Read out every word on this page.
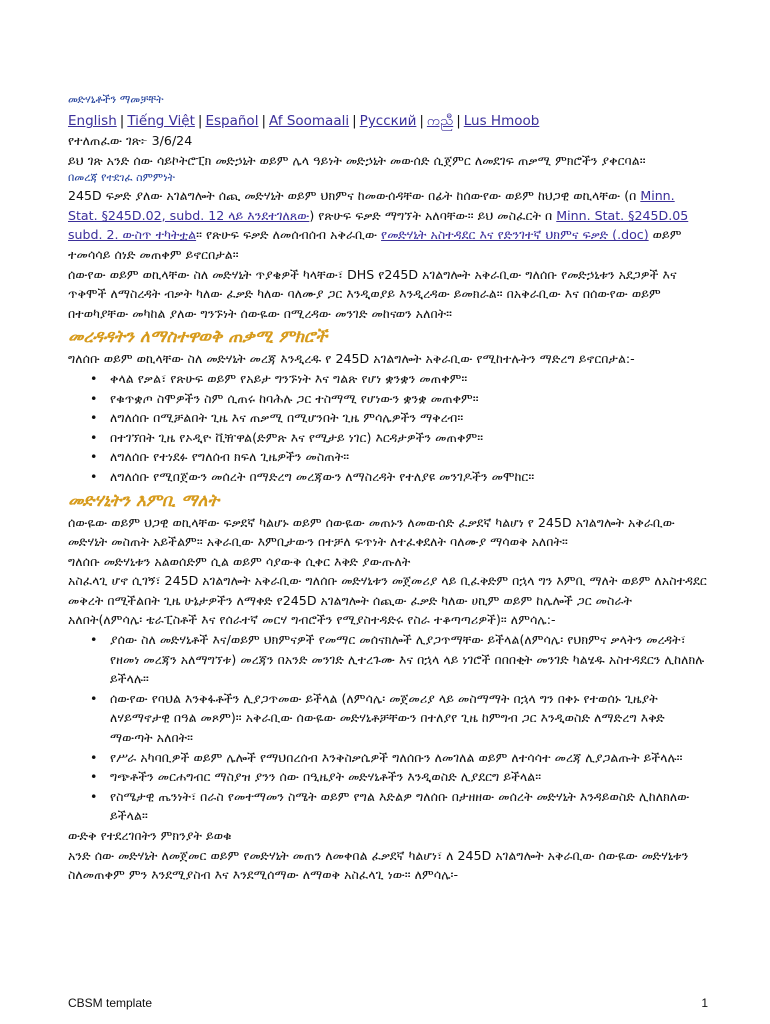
መድሃኒቶችን ማመቻቸት
English | Tiếng Việt | Español | Af Soomaali | Русский | ကညီ | Lus Hmoob

የተለጠፈው ገጽ፦ 3/6/24

ይህ ገጽ አንድ ሰው ሳይኮትሮፒክ መድኃኒት ወይም ሌላ ዓይነት መድኃኒት መውሰድ ሲጀምር ለመደገፍ ጠቃሚ ምክሮችን ያቀርባል።

በመረጃ የተደገፈ ስምምነት

245D ፍቃድ ያለው አገልግሎት ሰጪ መድሃኒት ወይም ህክምና ከመውሰዳቸው በፊት ከሰውየው ወይም ከህጋዊ ወኪላቸው (በ Minn. Stat. §245D.02, subd. 12 ላይ እንደተገለጸው) የጽሁፍ ፍቃድ ማግኘት አለባቸው። ይህ መስፈርት በ Minn. Stat. §245D.05 subd. 2. ውስጥ ተካትቷል። የጽሁፍ ፍቃድ ለመሰብሰብ አቅራቢው የመድሃኒት አስተዳደር እና የድንገተኛ ህክምና ፍቃድ (.doc) ወይም ተመሳሳይ ሰነድ መጠቀም ይኖርበታል።

ሰውየው ወይም ወኪላቸው ስለ መድሃኒት ጥያቄዎች ካላቸው፣ DHS የ245D አገልግሎት አቅራቢው ግለሰቡ የመድኃኒቱን አደጋዎች እና ጥቅሞች ለማስረዳት ብቃት ካለው ፈቃድ ካለው ባለሙያ ጋር እንዲወያይ እንዲረዳው ይመክራል። በአቅራቢው እና በሰውየው ወይም በተወካያቸው መካከል ያለው ግንኙነት ሰውዬው በሚረዳው መንገድ መከናወን አለበት።

መረዳዳትን ለማስተዋወቅ ጠቃሚ ምክሮች

ግለሰቡ ወይም ወኪላቸው ስለ መድሃኒት መረጃ እንዲረዱ የ 245D አገልግሎት አቅራቢው የሚከተሉትን ማድረግ ይኖርበታል:-

• ቀላል የቃል፣ የጽሁፍ ወይም የአይታ ግንኙነት እና ግልጽ የሆነ ቋንቋን መጠቀም።
• የቁጥቋጦ ስሞዎችን ስም ሲጠሩ ከባሕሉ ጋር ተስማሚ የሆነውን ቋንቋ መጠቀም።
• ለግለሰቡ በሚቻልበት ጊዜ እና ጠቃሚ በሚሆንበት ጊዜ ምሳሌዎችን ማቅረብ።
• በተገኘበት ጊዜ የኦዲዮ ቪዥዋል(ድምጽ እና የሚታይ ነገር) እርዳታዎችን መጠቀም።
• ለግለሰቡ የተነደፉ የግለሰብ ክፍለ ጊዜዎችን መስጠት።
• ለግለሰቡ የሚበጀውን መሰረት በማድረግ መረጃውን ለማስረዳት የተለያዩ መንገዶችን መሞከር።
መድሃኒትን እምቢ ማለት

ሰውዬው ወይም ህጋዊ ወኪላቸው ፍቃደኛ ካልሆኑ ወይም ሰውዬው መጠኑን ለመውሰድ ፈቃደኛ ካልሆነ የ 245D አገልግሎት አቅራቢው መድሃኒት መስጠት አይችልም። አቅራቢው እምቢታውን በተቻለ ፍጥነት ለተፈቀደለት ባለሙያ ማሳወቅ አለበት።

ግለሰቡ መድሃኒቱን አልወሰድም ሲል ወይም ሳያውቅ ሲቀር እቅድ ያውጡለት

አስፈላጊ ሆኖ ሲገኝ፣ 245D አገልግሎት አቅራቢው ግለሰቡ መድሃኒቱን መጀመሪያ ላይ ቢፈቅድም በኋላ ግን እምቢ ማለት ወይም ለአስተዳደር መቅረት በሚችልበት ጊዜ ሁኔታዎችን ለማቀድ የ245D አገልግሎት ሰጪው ፈቃድ ካለው ሀኪም ወይም ከሌሎች ጋር መስራት አለበት(ለምሳሌ፡ ቴራፒስቶች እና የሰራተኛ መርሃ ግብሮችን የሚያስተዳድሩ የስራ ተቆጣጣሪዎች)። ለምሳሌ:-

• ያሰው ስለ መድሃኒቶች እና/ወይም ህክምናዎች የመማር መሰናክሎች ሊያጋጥማቸው ይችላል(ለምሳሌ፡ የህክምና ቃላትን መረዳት፣ የዘመነ መረጃን አለማግኘቱ) መረጃን በአንድ መንገድ ሊተረጉሙ እና በኋላ ላይ ነገሮች በበበቂት መንገድ ካልሄዱ አስተዳደርን ሊከለክሉ ይችላሉ።
• ሰውየው የባህል እንቅፋቶችን ሊያጋጥመው ይችላል (ለምሳሌ፡ መጀመሪያ ላይ መስማማት በኋላ ግን በቀኑ የተወሰኑ ጊዜያት ለሃይማኖታዊ በዓል መጾም)። አቅራቢው ሰውዬው መድሃኒቶቻቸውን በተለያየ ጊዜ ከምግብ ጋር እንዲወስድ ለማድረግ እቅድ ማውጣት አለበት።
• የሥራ አካባቢዎች ወይም ሌሎች የማህበረሰብ እንቅስቃሴዎች ግለሰቡን ለመገለል ወይም ለተሳሳተ መረጃ ሊያጋልጡት ይችላሉ።
• ግጭቶችን መርሐግብር ማስያዝ ያንን ሰው በዒዜያት መድሃኒቶችን እንዲወስድ ሊያደርግ ይችላል።
• የስሜታዊ ጤንነት፣ በራስ የመተማመን ስሜት ወይም የግል እድልዎ ግለሰቡ በታዘዘው መሰረት መድሃኒት እንዳይወስድ ሊከለክለው ይችላል።

ውድቅ የተደረገበትን ምክንያት ይወቁ

አንድ ሰው መድሃኒት ለመጀመር ወይም የመድሃኒት መጠን ለመቀበል ፈቃደኛ ካልሆነ፣ ለ 245D አገልግሎት አቅራቢው ሰውዬው መድሃኒቱን ስለመጠቀም ምን እንደሚያስብ እና እንደሚሰማው ለማወቅ አስፈላጊ ነው። ለምሳሌ፡-

CBSM template	1
